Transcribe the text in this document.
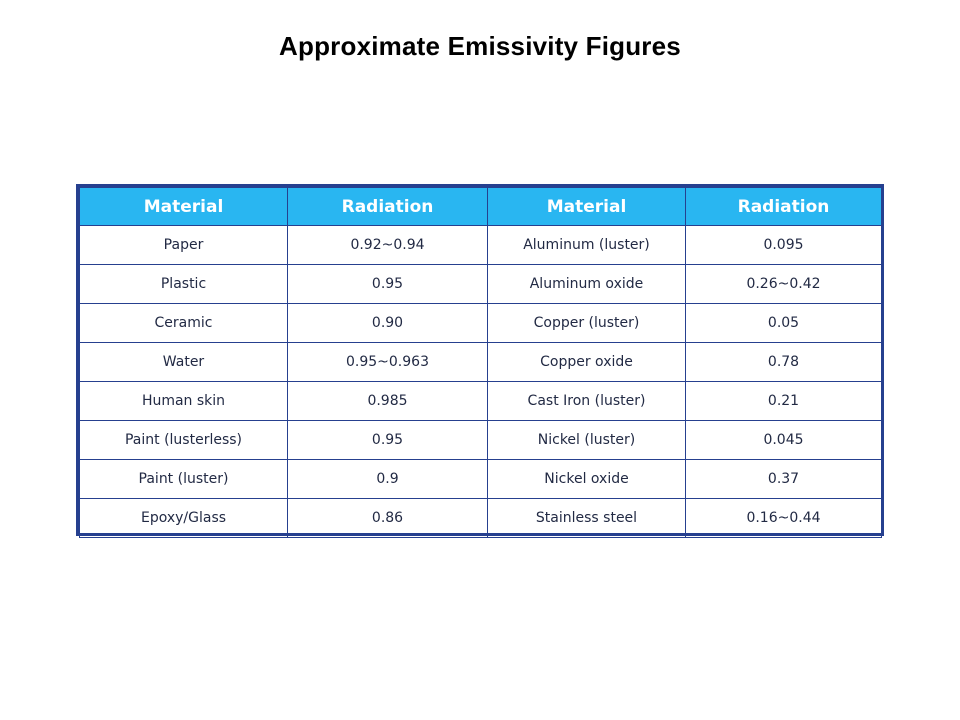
Approximate Emissivity Figures
Material	Radiation	Material	Radiation
Paper	0.92~0.94	Aluminum (luster)	0.095
Plastic	0.95	Aluminum oxide	0.26~0.42
Ceramic	0.90	Copper (luster)	0.05
Water	0.95~0.963	Copper oxide	0.78
Human skin	0.985	Cast Iron (luster)	0.21
Paint (lusterless)	0.95	Nickel (luster)	0.045
Paint (luster)	0.9	Nickel oxide	0.37
Epoxy/Glass	0.86	Stainless steel	0.16~0.44
